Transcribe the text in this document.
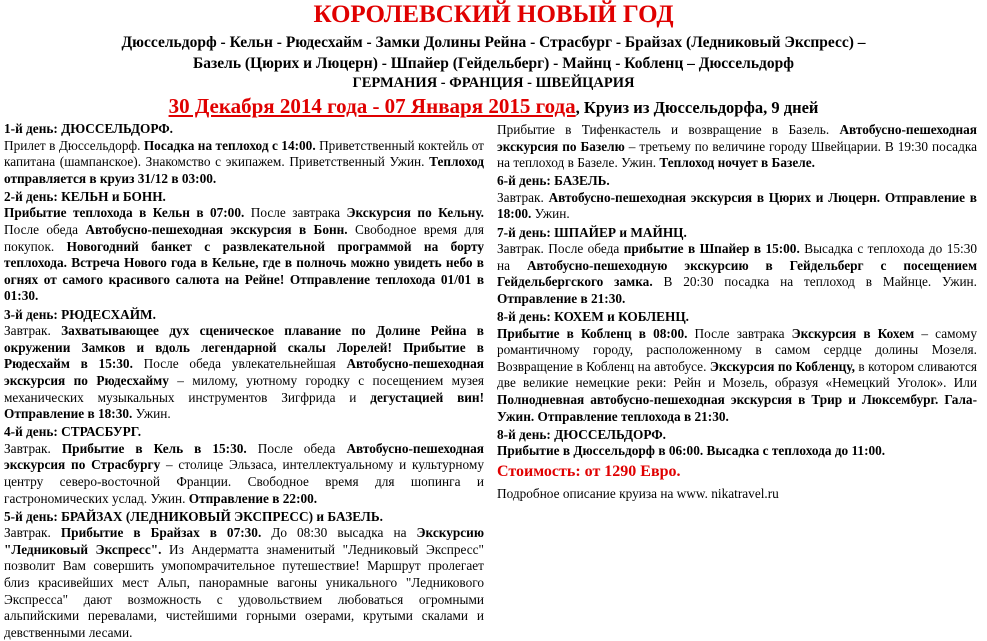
КОРОЛЕВСКИЙ НОВЫЙ ГОД
Дюссельдорф - Кельн - Рюдесхайм - Замки Долины Рейна - Страсбург - Брайзах (Ледниковый Экспресс) –
Базель (Цюрих и Люцерн) - Шпайер (Гейдельберг) - Майнц - Кобленц – Дюссельдорф
ГЕРМАНИЯ - ФРАНЦИЯ - ШВЕЙЦАРИЯ
30 Декабря 2014 года - 07 Января 2015 года, Круиз из Дюссельдорфа, 9 дней

1-й день: ДЮССЕЛЬДОРФ.

Прилет в Дюссельдорф. Посадка на теплоход с 14:00. Приветственный коктейль от капитана (шампанское). Знакомство с экипажем. Приветственный Ужин. Теплоход отправляется в круиз 31/12 в 03:00.

2-й день: КЕЛЬН и БОНН.

Прибытие теплохода в Кельн в 07:00. После завтрака Экскурсия по Кельну. После обеда Автобусно-пешеходная экскурсия в Бонн. Свободное время для покупок. Новогодний банкет с развлекательной программой на борту теплохода. Встреча Нового года в Кельне, где в полночь можно увидеть небо в огнях от самого красивого салюта на Рейне! Отправление теплохода 01/01 в 01:30.

3-й день: РЮДЕСХАЙМ.

Завтрак. Захватывающее дух сценическое плавание по Долине Рейна в окружении Замков и вдоль легендарной скалы Лорелей! Прибытие в Рюдесхайм в 15:30. После обеда увлекательнейшая Автобусно-пешеходная экскурсия по Рюдесхайму – милому, уютному городку с посещением музея механических музыкальных инструментов Зигфрида и дегустацией вин! Отправление в 18:30. Ужин.

4-й день: СТРАСБУРГ.

Завтрак. Прибытие в Кель в 15:30. После обеда Автобусно-пешеходная экскурсия по Страсбургу – столице Эльзаса, интеллектуальному и культурному центру северо-восточной Франции. Свободное время для шопинга и гастрономических услад. Ужин. Отправление в 22:00.

5-й день: БРАЙЗАХ (ЛЕДНИКОВЫЙ ЭКСПРЕСС) и БАЗЕЛЬ.

Завтрак. Прибытие в Брайзах в 07:30. До 08:30 высадка на Экскурсию "Ледниковый Экспресс". Из Андерматта знаменитый "Ледниковый Экспресс" позволит Вам совершить умопомрачительное путешествие! Маршрут пролегает близ красивейших мест Альп, панорамные вагоны уникального "Ледникового Экспресса" дают возможность с удовольствием любоваться огромными альпийскими перевалами, чистейшими горными озерами, крутыми скалами и девственными лесами.

Прибытие в Тифенкастель и возвращение в Базель. Автобусно-пешеходная экскурсия по Базелю – третьему по величине городу Швейцарии. В 19:30 посадка на теплоход в Базеле. Ужин. Теплоход ночует в Базеле.

6-й день: БАЗЕЛЬ.

Завтрак. Автобусно-пешеходная экскурсия в Цюрих и Люцерн. Отправление в 18:00. Ужин.

7-й день: ШПАЙЕР и МАЙНЦ.

Завтрак. После обеда прибытие в Шпайер в 15:00. Высадка с теплохода до 15:30 на Автобусно-пешеходную экскурсию в Гейдельберг с посещением Гейдельбергского замка. В 20:30 посадка на теплоход в Майнце. Ужин. Отправление в 21:30.

8-й день: КОХЕМ и КОБЛЕНЦ.

Прибытие в Кобленц в 08:00. После завтрака Экскурсия в Кохем – самому романтичному городу, расположенному в самом сердце долины Мозеля. Возвращение в Кобленц на автобусе. Экскурсия по Кобленцу, в котором сливаются две великие немецкие реки: Рейн и Мозель, образуя «Немецкий Уголок». Или Полнодневная автобусно-пешеходная экскурсия в Трир и Люксембург. Гала-Ужин. Отправление теплохода в 21:30.

8-й день: ДЮССЕЛЬДОРФ.

Прибытие в Дюссельдорф в 06:00. Высадка с теплохода до 11:00.

Стоимость: от 1290 Евро.

Подробное описание круиза на www. nikatravel.ru
